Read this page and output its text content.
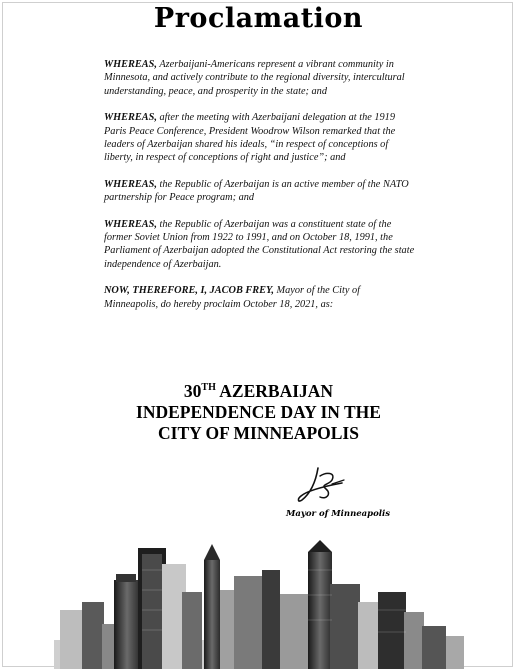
Proclamation

WHEREAS, Azerbaijani-Americans represent a vibrant community in Minnesota, and actively contribute to the regional diversity, intercultural understanding, peace, and prosperity in the state; and

WHEREAS, after the meeting with Azerbaijani delegation at the 1919 Paris Peace Conference, President Woodrow Wilson remarked that the leaders of Azerbaijan shared his ideals, “in respect of conceptions of liberty, in respect of conceptions of right and justice”; and

WHEREAS, the Republic of Azerbaijan is an active member of the NATO partnership for Peace program; and

WHEREAS, the Republic of Azerbaijan was a constituent state of the former Soviet Union from 1922 to 1991, and on October 18, 1991, the Parliament of Azerbaijan adopted the Constitutional Act restoring the state independence of Azerbaijan.

NOW, THEREFORE, I, JACOB FREY, Mayor of the City of Minneapolis, do hereby proclaim October 18, 2021, as:

30TH AZERBAIJAN
INDEPENDENCE DAY IN THE
CITY OF MINNEAPOLIS
Mayor of Minneapolis
